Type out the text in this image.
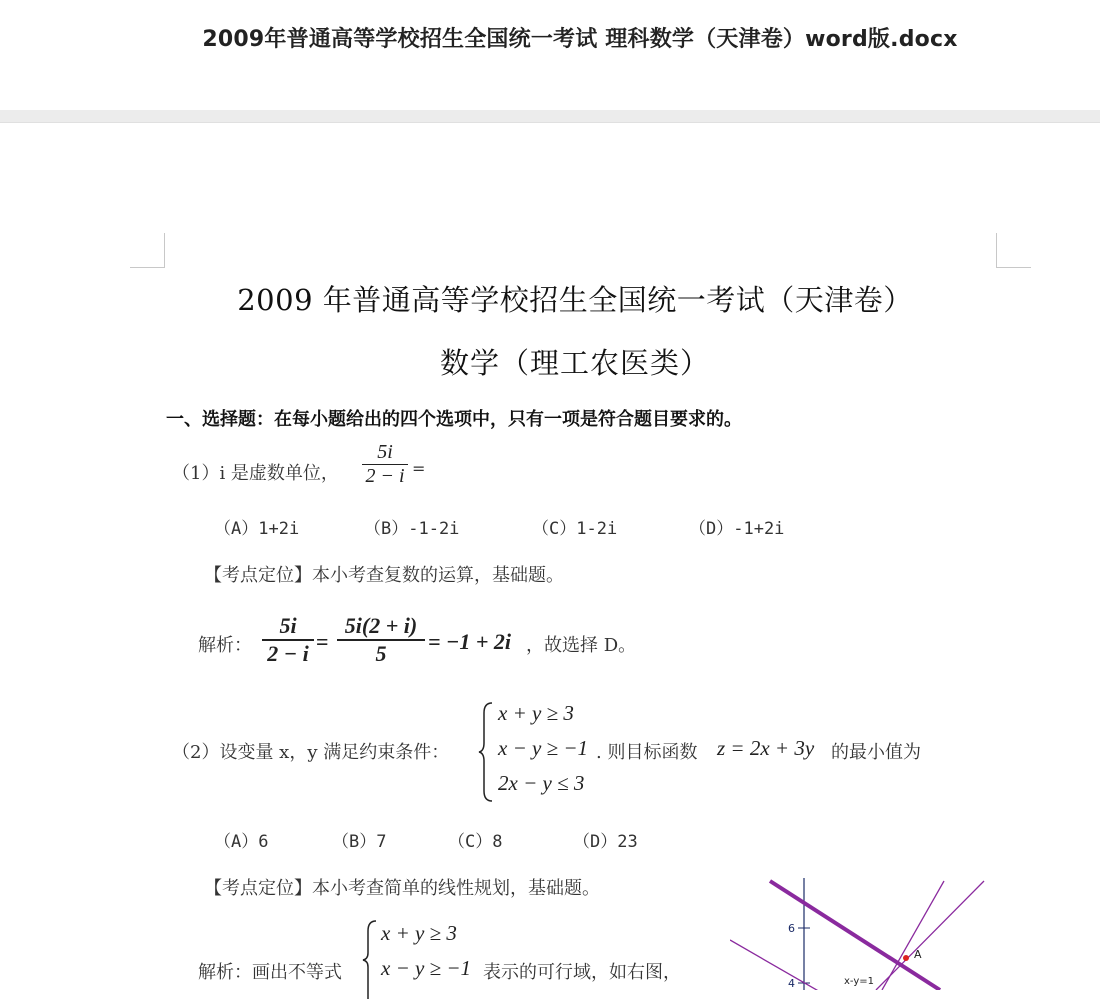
2009年普通高等学校招生全国统一考试 理科数学（天津卷）word版.docx
2009 年普通高等学校招生全国统一考试（天津卷）
数学（理工农医类）
一、选择题：在每小题给出的四个选项中，只有一项是符合题目要求的。
（1）i 是虚数单位，
5i
2 − i =
（A）1+2i	（B）-1-2i	（C）1-2i	（D）-1+2i
【考点定位】本小考查复数的运算，基础题。
解析：
5i
2 − i =
5i(2 + i)
5	= −1 + 2i ，故选择 D。
（2）设变量 x，y 满足约束条件：
x + y ≥ 3
x − y ≥ −1
2x − y ≤ 3
. 则目标函数 z = 2x + 3y 的最小值为
（A）6	（B）7	（C）8	（D）23
【考点定位】本小考查简单的线性规划，基础题。
解析：画出不等式
x + y ≥ 3
x − y ≥ −1 表示的可行域，如右图，
6
4
A
x-y=1
